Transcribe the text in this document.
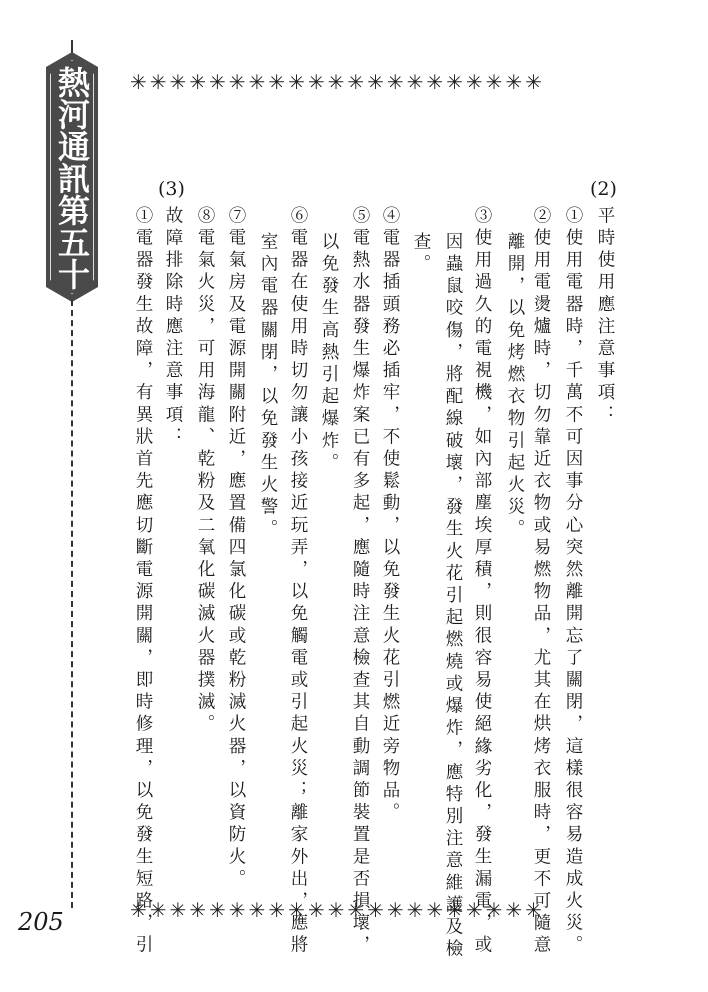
熱河通訊第五十九期
205
✳✳✳✳✳✳✳✳✳✳✳✳✳✳✳✳✳✳✳✳✳
✳✳✳✳✳✳✳✳✳✳✳✳✳✳✳✳✳✳✳✳✳
(2)
平時使用應注意事項：
①使用電器時，千萬不可因事分心突然離開忘了關閉，這樣很容易造成火災。
②使用電燙爐時，切勿靠近衣物或易燃物品，尤其在烘烤衣服時，更不可隨意
離開，以免烤燃衣物引起火災。
③使用過久的電視機，如內部塵埃厚積，則很容易使絕緣劣化，發生漏電，或
因蟲鼠咬傷，將配線破壞，發生火花引起燃燒或爆炸，應特別注意維護及檢
查。
④電器插頭務必插牢，不使鬆動，以免發生火花引燃近旁物品。
⑤電熱水器發生爆炸案已有多起，應隨時注意檢查其自動調節裝置是否損壞，
以免發生高熱引起爆炸。
⑥電器在使用時切勿讓小孩接近玩弄，以免觸電或引起火災；離家外出，應將
室內電器關閉，以免發生火警。
⑦電氣房及電源開關附近，應置備四氯化碳或乾粉滅火器，以資防火。
⑧電氣火災，可用海龍、乾粉及二氧化碳滅火器撲滅。
(3)
故障排除時應注意事項：
①電器發生故障，有異狀首先應切斷電源開關，即時修理，以免發生短路，引
